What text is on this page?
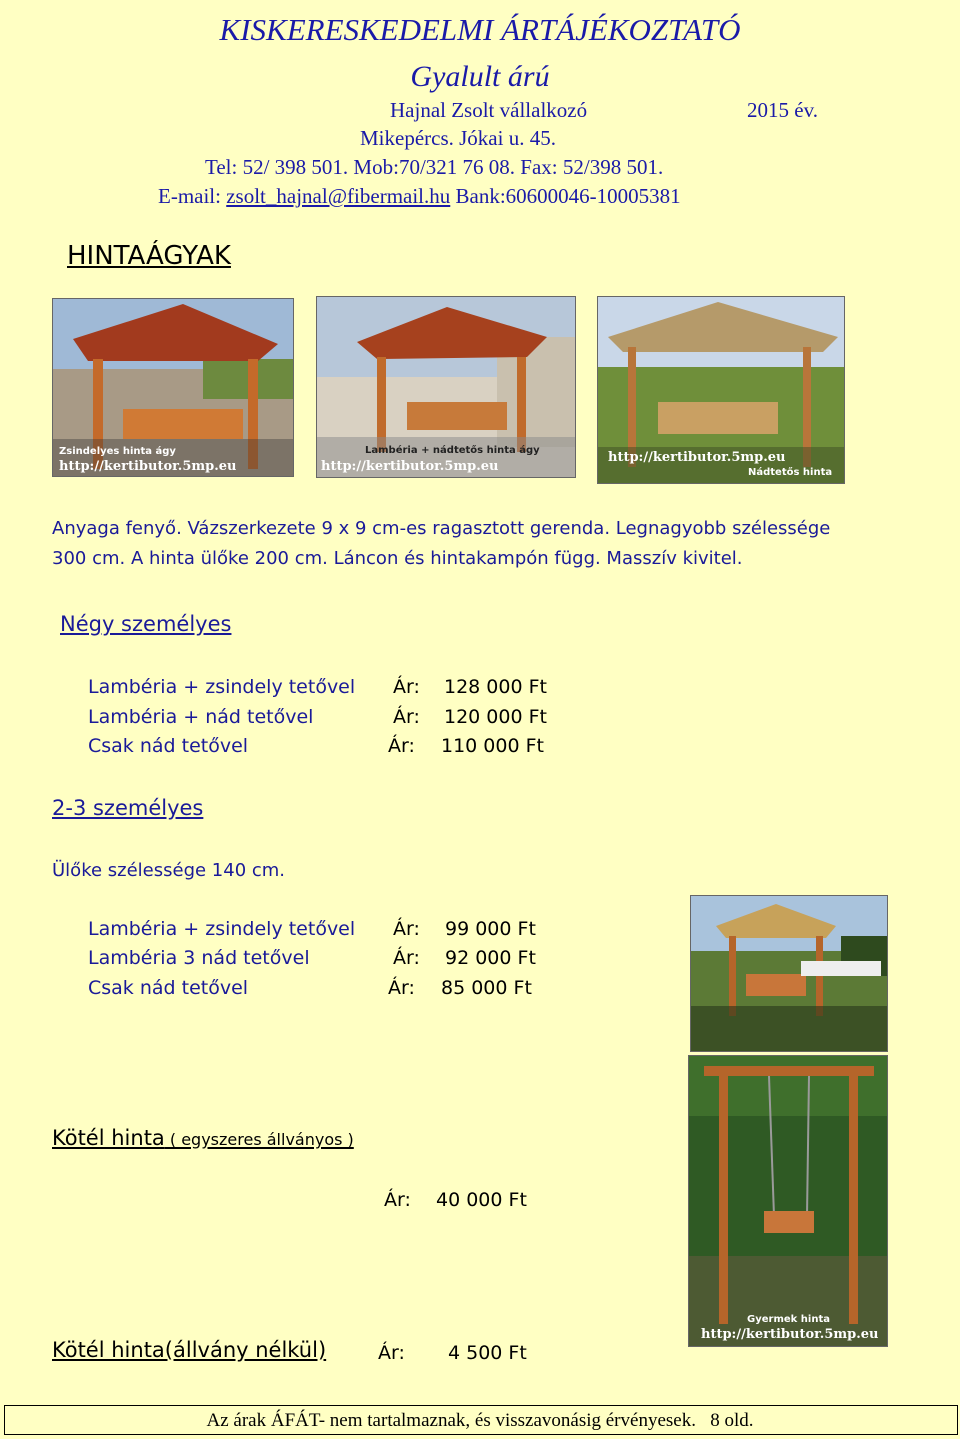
KISKERESKEDELMI ÁRTÁJÉKOZTATÓ
Gyalult árú
Hajnal Zsolt vállalkozó	2015 év.
Mikepércs. Jókai u. 45.
Tel: 52/ 398 501. Mob:70/321 76 08. Fax: 52/398 501.
E-mail: zsolt_hajnal@fibermail.hu Bank:60600046-10005381
HINTAÁGYAK
Zsindelyes hinta ágy
http://kertibutor.5mp.eu
Lambéria + nádtetős hinta ágy
http://kertibutor.5mp.eu
http://kertibutor.5mp.eu
Nádtetős hinta
Anyaga fenyő. Vázszerkezete 9 x 9 cm-es ragasztott gerenda. Legnagyobb szélessége
300 cm. A hinta ülőke 200 cm. Láncon és hintakampón függ. Masszív kivitel.
Négy személyes
Lambéria + zsindely tetővel Ár: 128 000 Ft
Lambéria + nád tetővel	Ár: 120 000 Ft
Csak nád tetővel	Ár: 110 000 Ft
2-3 személyes
Ülőke szélessége 140 cm.
Lambéria + zsindely tetővel Ár: 99 000 Ft
Lambéria 3 nád tetővel	Ár: 92 000 Ft
Csak nád tetővel	Ár: 85 000 Ft
Gyermek hinta
http://kertibutor.5mp.eu
Kötél hinta ( egyszeres állványos )
Ár: 40 000 Ft
Kötél hinta(állvány nélkül)	Ár: 4 500 Ft
Az árak ÁFÁT- nem tartalmaznak, és visszavonásig érvényesek. 8 old.
